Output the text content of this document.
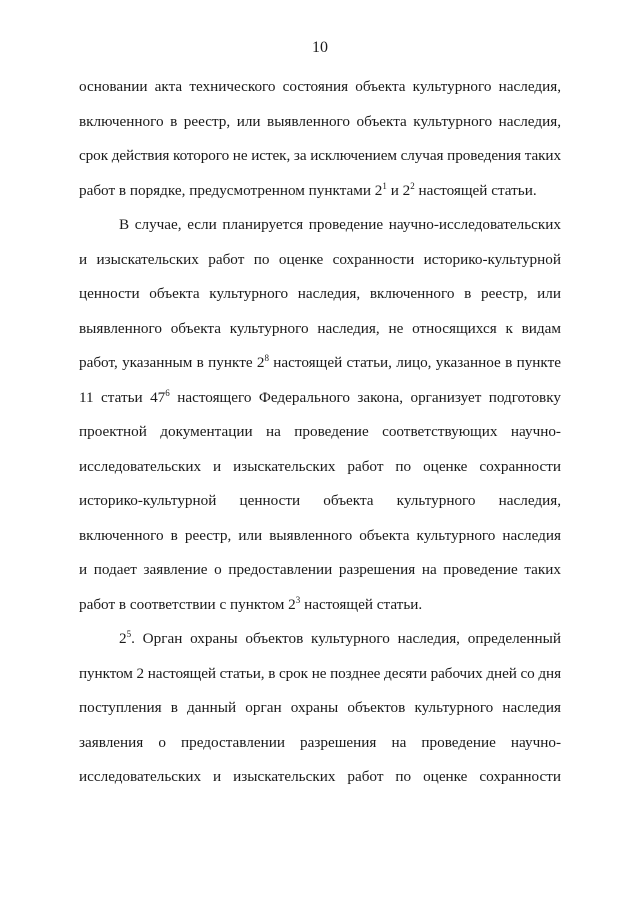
10
основании акта технического состояния объекта культурного наследия,
включенного в реестр, или выявленного объекта культурного наследия,
срок действия которого не истек, за исключением случая проведения таких
работ в порядке, предусмотренном пунктами $2^1$ и $2^2$ настоящей статьи.
В случае, если планируется проведение научно-исследовательских
и изыскательских работ по оценке сохранности историко-культурной
ценности объекта культурного наследия, включенного в реестр, или
выявленного объекта культурного наследия, не относящихся к видам
работ, указанным в пункте $2^8$ настоящей статьи, лицо, указанное в пункте
11 статьи $47^6$ настоящего Федерального закона, организует подготовку
проектной документации на проведение соответствующих научно-
исследовательских и изыскательских работ по оценке сохранности
историко-культурной ценности объекта культурного наследия,
включенного в реестр, или выявленного объекта культурного наследия
и подает заявление о предоставлении разрешения на проведение таких
работ в соответствии с пунктом $2^3$ настоящей статьи.
$2^5$. Орган охраны объектов культурного наследия, определенный
пунктом 2 настоящей статьи, в срок не позднее десяти рабочих дней со дня
поступления в данный орган охраны объектов культурного наследия
заявления о предоставлении разрешения на проведение научно-
исследовательских и изыскательских работ по оценке сохранности
